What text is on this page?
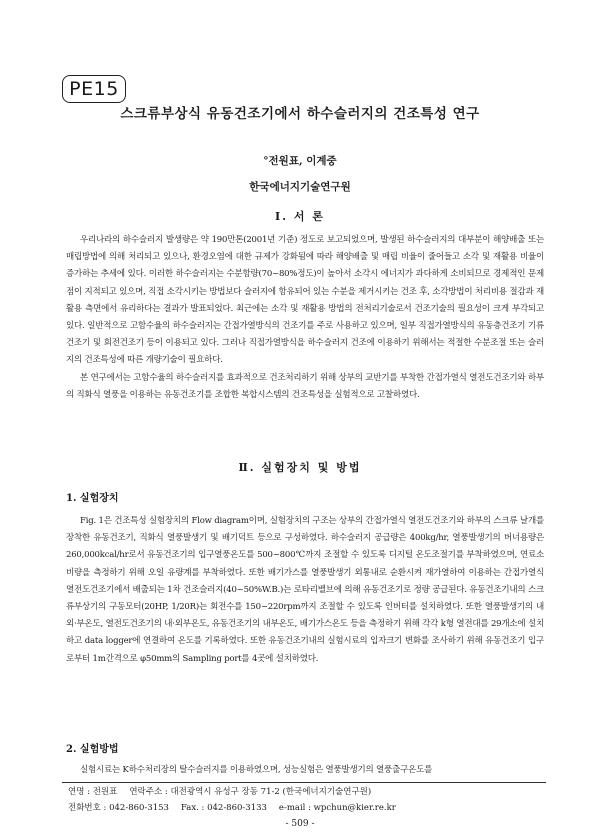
PE15
스크류부상식 유동건조기에서 하수슬러지의 건조특성 연구
°전원표, 이계중
한국에너지기술연구원
Ⅰ. 서 론

우리나라의 하수슬러지 발생량은 약 190만톤(2001년 기준) 정도로 보고되었으며, 발생된 하수슬러지의 대부분이 해양배출 또는 매립방법에 의해 처리되고 있으나, 환경오염에 대한 규제가 강화됨에 따라 해양배출 및 매립 비율이 줄어들고 소각 및 재활용 비율이 증가하는 추세에 있다. 이러한 하수슬러지는 수분함량(70~80%정도)이 높아서 소각시 에너지가 과다하게 소비되므로 경제적인 문제점이 지적되고 있으며, 직접 소각시키는 방법보다 슬러지에 함유되어 있는 수분을 제거시키는 건조 후, 소각방법이 처리비용 절감과 재활용 측면에서 유리하다는 결과가 발표되었다. 최근에는 소각 및 재활용 방법의 전처리기술로서 건조기술의 필요성이 크게 부각되고 있다. 일반적으로 고함수율의 하수슬러지는 간접가열방식의 건조기를 주로 사용하고 있으며, 일부 직접가열방식의 유동층건조기 기류건조기 및 회전건조기 등이 이용되고 있다. 그러나 직접가열방식을 하수슬러지 건조에 이용하기 위해서는 적절한 수분조절 또는 슬러지의 건조특성에 따른 개량기술이 필요하다.

본 연구에서는 고함수율의 하수슬러지를 효과적으로 건조처리하기 위해 상부의 교반기를 부착한 간접가열식 열전도건조기와 하부의 직화식 열풍을 이용하는 유동건조기를 조합한 복합시스템의 건조특성을 실험적으로 고찰하였다.

Ⅱ. 실험장치 및 방법
1. 실험장치

Fig. 1은 건조특성 실험장치의 Flow diagram이며, 실험장치의 구조는 상부의 간접가열식 열전도건조기와 하부의 스크류 날개를 장착한 유동건조기, 직화식 열풍발생기 및 배기덕트 등으로 구성하였다. 하수슬러지 공급량은 400kg/hr, 열풍발생기의 버너용량은 260,000kcal/hr로서 유동건조기의 입구열풍온도를 500~800℃까지 조절할 수 있도록 디지털 온도조절기를 부착하였으며, 연료소비량을 측정하기 위해 오일 유량계를 부착하였다. 또한 배기가스를 열풍발생기 외통내로 순환시켜 재가열하여 이용하는 간접가열식 열전도건조기에서 배출되는 1차 건조슬러지(40~50%W.B.)는 로타리밸브에 의해 유동건조기로 정량 공급된다. 유동건조기내의 스크류부상기의 구동모터(20HP, 1/20R)는 회전수를 150~220rpm까지 조절할 수 있도록 인버터를 설치하였다. 또한 열풍발생기의 내외·부온도, 열전도건조기의 내·외부온도, 유동건조기의 내부온도, 배기가스온도 등을 측정하기 위해 각각 k형 열전대를 29개소에 설치하고 data logger에 연결하여 온도를 기록하였다. 또한 유동건조기내의 실험시료의 입자크기 변화를 조사하기 위해 유동건조기 입구로부터 1m간격으로 φ50mm의 Sampling port를 4곳에 설치하였다.

2. 실험방법

실험시료는 K하수처리장의 탈수슬러지를 이용하였으며, 성능실험은 열풍발생기의 열풍출구온도를

연명 : 전원표 연락주소 : 대전광역시 유성구 장동 71-2 (한국에너지기술연구원)
전화번호 : 042-860-3153 Fax. : 042-860-3133 e-mail : wpchun@kier.re.kr
- 509 -
